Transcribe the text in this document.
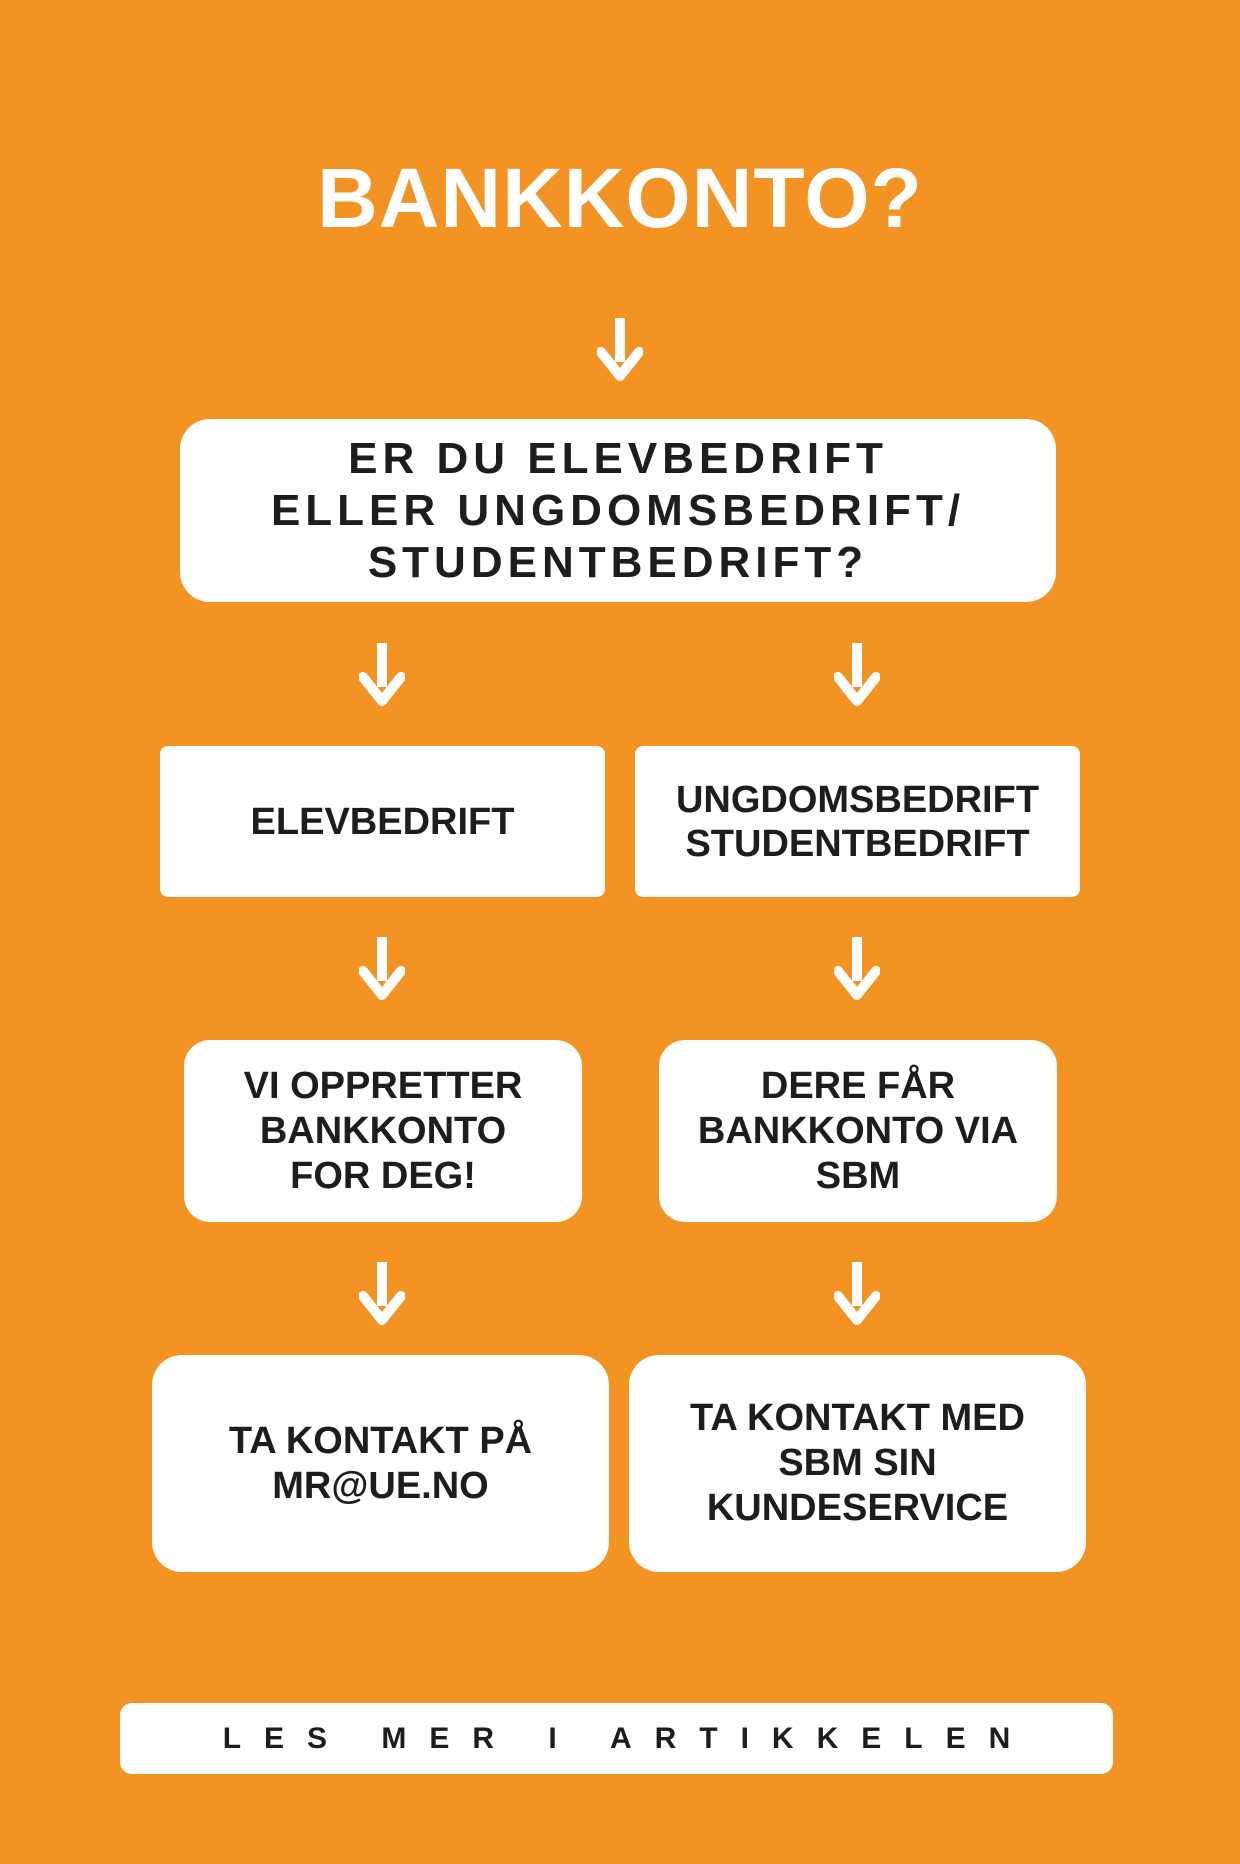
BANKKONTO?
ER DU ELEVBEDRIFT
ELLER UNGDOMSBEDRIFT/
STUDENTBEDRIFT?
ELEVBEDRIFT
UNGDOMSBEDRIFT
STUDENTBEDRIFT
VI OPPRETTER
BANKKONTO
FOR DEG!
DERE FÅR
BANKKONTO VIA
SBM
TA KONTAKT PÅ
MR@UE.NO
TA KONTAKT MED
SBM SIN
KUNDESERVICE
LES MER I ARTIKKELEN
